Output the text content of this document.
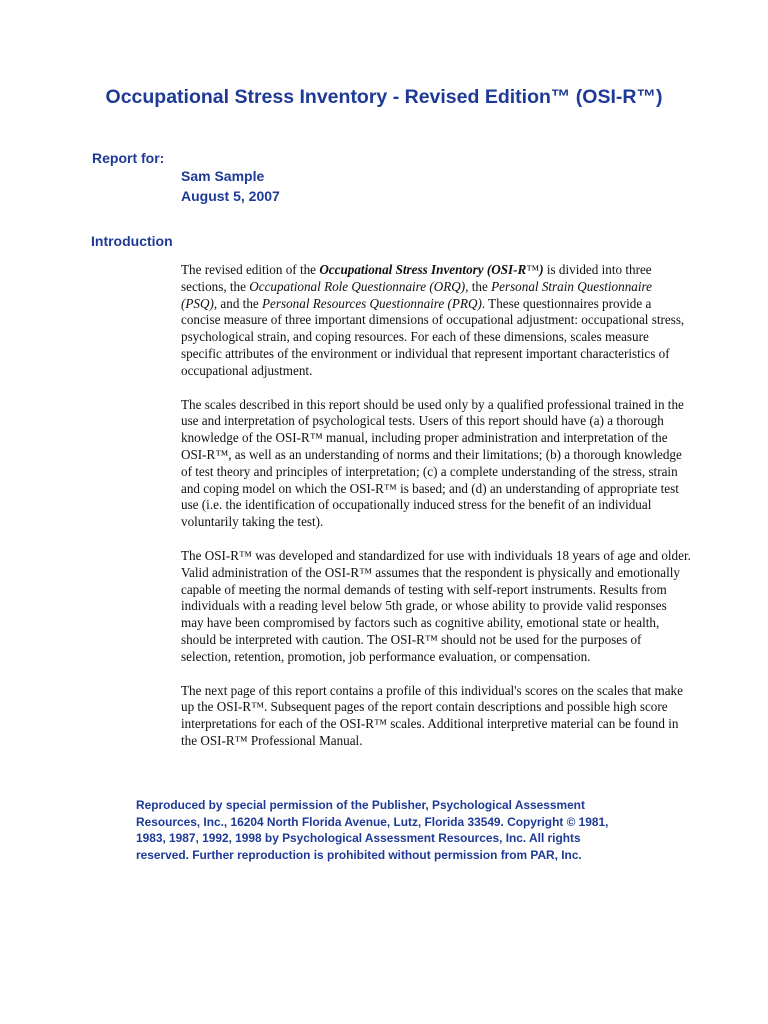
Occupational Stress Inventory - Revised Edition™ (OSI-R™)
Report for:
Sam Sample
August 5, 2007
Introduction

The revised edition of the Occupational Stress Inventory (OSI-R™) is divided into three sections, the Occupational Role Questionnaire (ORQ), the Personal Strain Questionnaire (PSQ), and the Personal Resources Questionnaire (PRQ). These questionnaires provide a concise measure of three important dimensions of occupational adjustment: occupational stress, psychological strain, and coping resources. For each of these dimensions, scales measure specific attributes of the environment or individual that represent important characteristics of occupational adjustment.

The scales described in this report should be used only by a qualified professional trained in the use and interpretation of psychological tests. Users of this report should have (a) a thorough knowledge of the OSI-R™ manual, including proper administration and interpretation of the OSI-R™, as well as an understanding of norms and their limitations; (b) a thorough knowledge of test theory and principles of interpretation; (c) a complete understanding of the stress, strain and coping model on which the OSI-R™ is based; and (d) an understanding of appropriate test use (i.e. the identification of occupationally induced stress for the benefit of an individual voluntarily taking the test).

The OSI-R™ was developed and standardized for use with individuals 18 years of age and older. Valid administration of the OSI-R™ assumes that the respondent is physically and emotionally capable of meeting the normal demands of testing with self-report instruments. Results from individuals with a reading level below 5th grade, or whose ability to provide valid responses may have been compromised by factors such as cognitive ability, emotional state or health, should be interpreted with caution. The OSI-R™ should not be used for the purposes of selection, retention, promotion, job performance evaluation, or compensation.

The next page of this report contains a profile of this individual's scores on the scales that make up the OSI-R™. Subsequent pages of the report contain descriptions and possible high score interpretations for each of the OSI-R™ scales. Additional interpretive material can be found in the OSI-R™ Professional Manual.

Reproduced by special permission of the Publisher, Psychological Assessment Resources, Inc., 16204 North Florida Avenue, Lutz, Florida 33549. Copyright © 1981, 1983, 1987, 1992, 1998 by Psychological Assessment Resources, Inc. All rights reserved. Further reproduction is prohibited without permission from PAR, Inc.
